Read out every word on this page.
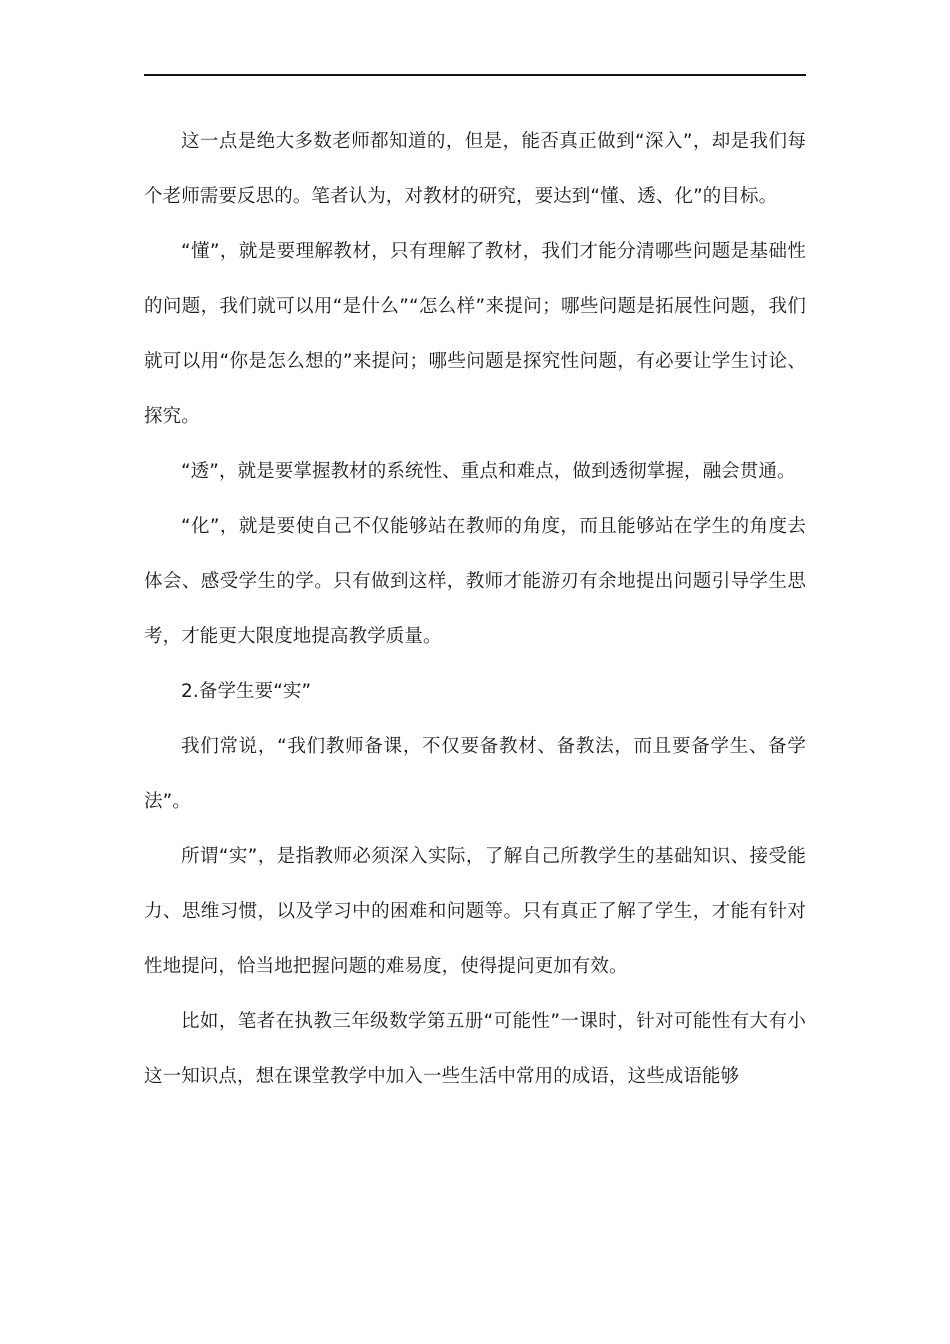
这一点是绝大多数老师都知道的，但是，能否真正做到“深入”，却是我们每个老师需要反思的。笔者认为，对教材的研究，要达到“懂、透、化”的目标。

“懂”，就是要理解教材，只有理解了教材，我们才能分清哪些问题是基础性的问题，我们就可以用“是什么”“怎么样”来提问；哪些问题是拓展性问题，我们就可以用“你是怎么想的”来提问；哪些问题是探究性问题，有必要让学生讨论、探究。

“透”，就是要掌握教材的系统性、重点和难点，做到透彻掌握，融会贯通。

“化”，就是要使自己不仅能够站在教师的角度，而且能够站在学生的角度去体会、感受学生的学。只有做到这样，教师才能游刃有余地提出问题引导学生思考，才能更大限度地提高教学质量。

2.备学生要“实”

我们常说，“我们教师备课，不仅要备教材、备教法，而且要备学生、备学法”。

所谓“实”，是指教师必须深入实际，了解自己所教学生的基础知识、接受能力、思维习惯，以及学习中的困难和问题等。只有真正了解了学生，才能有针对性地提问，恰当地把握问题的难易度，使得提问更加有效。

比如，笔者在执教三年级数学第五册“可能性”一课时，针对可能性有大有小这一知识点，想在课堂教学中加入一些生活中常用的成语，这些成语能够
